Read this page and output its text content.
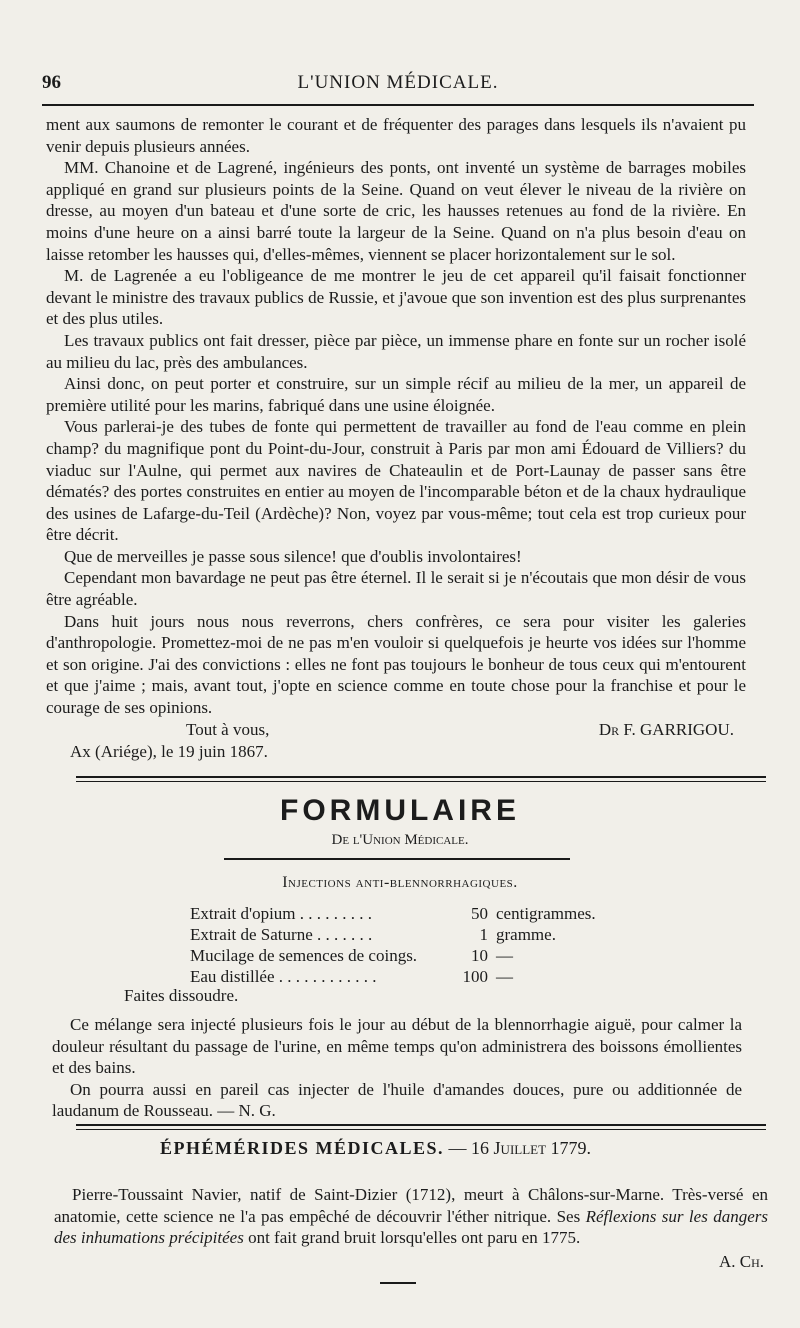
96	L'UNION MÉDICALE.

ment aux saumons de remonter le courant et de fréquenter des parages dans lesquels ils n'avaient pu venir depuis plusieurs années.

MM. Chanoine et de Lagrené, ingénieurs des ponts, ont inventé un système de barrages mobiles appliqué en grand sur plusieurs points de la Seine. Quand on veut élever le niveau de la rivière on dresse, au moyen d'un bateau et d'une sorte de cric, les hausses retenues au fond de la rivière. En moins d'une heure on a ainsi barré toute la largeur de la Seine. Quand on n'a plus besoin d'eau on laisse retomber les hausses qui, d'elles-mêmes, viennent se placer horizontalement sur le sol.

M. de Lagrenée a eu l'obligeance de me montrer le jeu de cet appareil qu'il faisait fonctionner devant le ministre des travaux publics de Russie, et j'avoue que son invention est des plus surprenantes et des plus utiles.

Les travaux publics ont fait dresser, pièce par pièce, un immense phare en fonte sur un rocher isolé au milieu du lac, près des ambulances.

Ainsi donc, on peut porter et construire, sur un simple récif au milieu de la mer, un appareil de première utilité pour les marins, fabriqué dans une usine éloignée.

Vous parlerai-je des tubes de fonte qui permettent de travailler au fond de l'eau comme en plein champ? du magnifique pont du Point-du-Jour, construit à Paris par mon ami Édouard de Villiers? du viaduc sur l'Aulne, qui permet aux navires de Chateaulin et de Port-Launay de passer sans être dématés? des portes construites en entier au moyen de l'incomparable béton et de la chaux hydraulique des usines de Lafarge-du-Teil (Ardèche)? Non, voyez par vous-même; tout cela est trop curieux pour être décrit.

Que de merveilles je passe sous silence! que d'oublis involontaires!

Cependant mon bavardage ne peut pas être éternel. Il le serait si je n'écoutais que mon désir de vous être agréable.

Dans huit jours nous nous reverrons, chers confrères, ce sera pour visiter les galeries d'anthropologie. Promettez-moi de ne pas m'en vouloir si quelquefois je heurte vos idées sur l'homme et son origine. J'ai des convictions : elles ne font pas toujours le bonheur de tous ceux qui m'entourent et que j'aime ; mais, avant tout, j'opte en science comme en toute chose pour la franchise et pour le courage de ses opinions.

Tout à vous,	Dr F. GARRIGOU.

Ax (Ariége), le 19 juin 1867.

FORMULAIRE
De l'Union Médicale.
Injections anti-blennorrhagiques.
Extrait d'opium . . . . . . . . .	50 centigrammes.
Extrait de Saturne . . . . . . .	1 gramme.
Mucilage de semences de coings.	10 —
Eau distillée . . . . . . . . . . . .	100 —
Faites dissoudre.

Ce mélange sera injecté plusieurs fois le jour au début de la blennorrhagie aiguë, pour calmer la douleur résultant du passage de l'urine, en même temps qu'on administrera des boissons émollientes et des bains.

On pourra aussi en pareil cas injecter de l'huile d'amandes douces, pure ou additionnée de laudanum de Rousseau. — N. G.

ÉPHÉMÉRIDES MÉDICALES. — 16 Juillet 1779.

Pierre-Toussaint Navier, natif de Saint-Dizier (1712), meurt à Châlons-sur-Marne. Très-versé en anatomie, cette science ne l'a pas empêché de découvrir l'éther nitrique. Ses Réflexions sur les dangers des inhumations précipitées ont fait grand bruit lorsqu'elles ont paru en 1775.

A. Ch.
